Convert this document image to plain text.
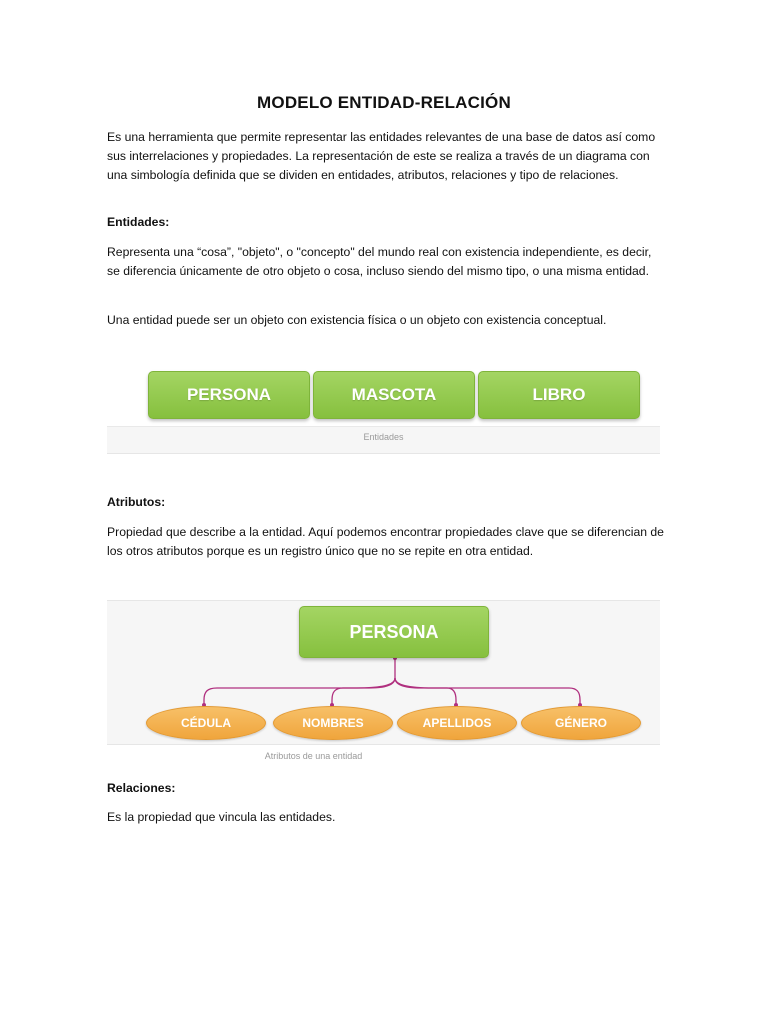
MODELO ENTIDAD-RELACIÓN
Es una herramienta que permite representar las entidades relevantes de una base de datos así como sus interrelaciones y propiedades. La representación de este se realiza a través de un diagrama con una simbología definida que se dividen en entidades, atributos, relaciones y tipo de relaciones.
Entidades:
Representa una “cosa”, "objeto", o "concepto" del mundo real con existencia independiente, es decir, se diferencia únicamente de otro objeto o cosa, incluso siendo del mismo tipo, o una misma entidad.
Una entidad puede ser un objeto con existencia física o un objeto con existencia conceptual.
PERSONA	MASCOTA	LIBRO
Entidades
Atributos:
Propiedad que describe a la entidad. Aquí podemos encontrar propiedades clave que se diferencian de los otros atributos porque es un registro único que no se repite en otra entidad.
PERSONA
CÉDULA	NOMBRES	APELLIDOS	GÉNERO
Atributos de una entidad
Relaciones:
Es la propiedad que vincula las entidades.
